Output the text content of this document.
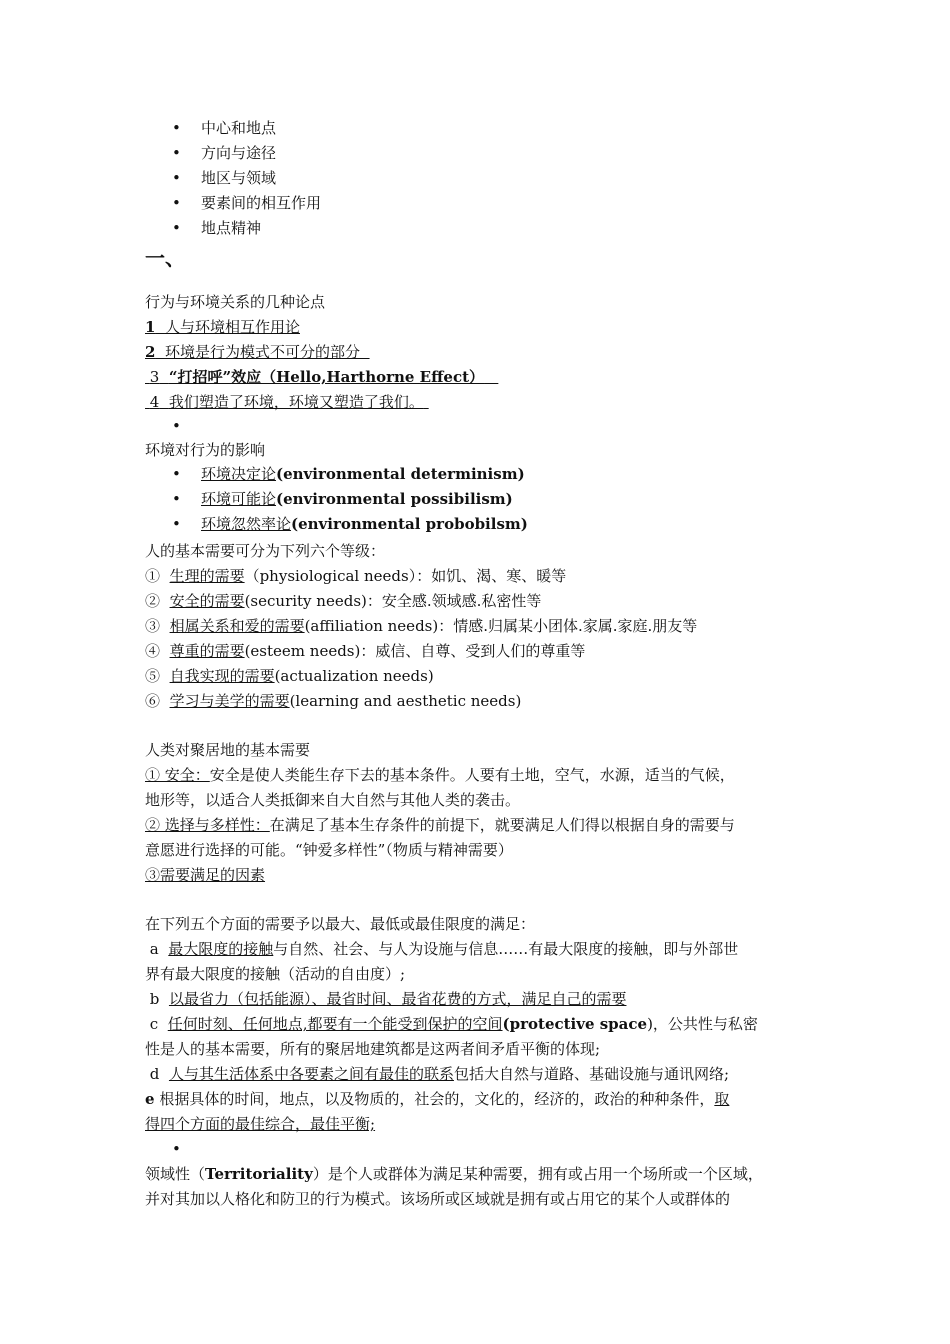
• 中心和地点
• 方向与途径
• 地区与领域
• 要素间的相互作用
• 地点精神
一、
行为与环境关系的几种论点
1 人与环境相互作用论
2 环境是行为模式不可分的部分
3 “打招呼”效应（Hello,Harthorne Effect）
4 我们塑造了环境，环境又塑造了我们。
•
环境对行为的影响
• 环境决定论(environmental determinism)
• 环境可能论(environmental possibilism)
• 环境忽然率论(environmental probobilsm)
人的基本需要可分为下列六个等级：
① 生理的需要（physiological needs）：如饥、渴、寒、暖等
② 安全的需要(security needs)：安全感.领域感.私密性等
③ 相属关系和爱的需要(affiliation needs)：情感.归属某小团体.家属.家庭.朋友等
④ 尊重的需要(esteem needs)：威信、自尊、受到人们的尊重等
⑤ 自我实现的需要(actualization needs)
⑥ 学习与美学的需要(learning and aesthetic needs)
人类对聚居地的基本需要
① 安全：安全是使人类能生存下去的基本条件。人要有土地，空气，水源，适当的气候，
地形等，以适合人类抵御来自大自然与其他人类的袭击。
② 选择与多样性：在满足了基本生存条件的前提下，就要满足人们得以根据自身的需要与
意愿进行选择的可能。“钟爱多样性”（物质与精神需要）
③需要满足的因素
在下列五个方面的需要予以最大、最低或最佳限度的满足：
a 最大限度的接触与自然、社会、与人为设施与信息……有最大限度的接触，即与外部世
界有最大限度的接触（活动的自由度）;
b 以最省力（包括能源）、最省时间、最省花费的方式，满足自己的需要
c 任何时刻、任何地点,都要有一个能受到保护的空间(protective space)，公共性与私密
性是人的基本需要，所有的聚居地建筑都是这两者间矛盾平衡的体现;
d 人与其生活体系中各要素之间有最佳的联系包括大自然与道路、基础设施与通讯网络;
e 根据具体的时间，地点，以及物质的，社会的，文化的，经济的，政治的种种条件，取
得四个方面的最佳综合，最佳平衡;
•
领域性（Territoriality）是个人或群体为满足某种需要，拥有或占用一个场所或一个区域，
并对其加以人格化和防卫的行为模式。该场所或区域就是拥有或占用它的某个人或群体的
